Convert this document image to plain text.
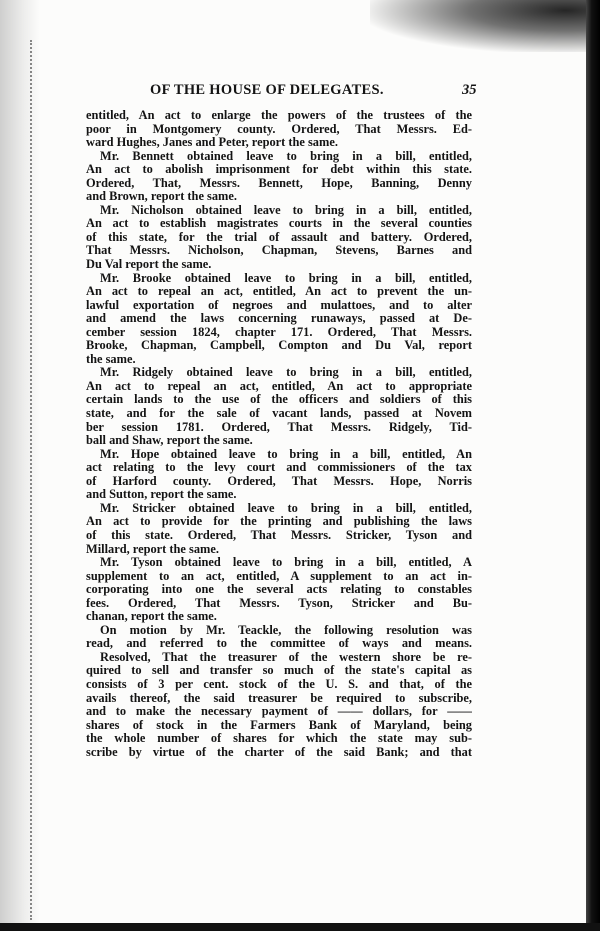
OF THE HOUSE OF DELEGATES.	35
entitled, An act to enlarge the powers of the trustees of the
poor in Montgomery county. Ordered, That Messrs. Ed-
ward Hughes, Janes and Peter, report the same.
Mr. Bennett obtained leave to bring in a bill, entitled,
An act to abolish imprisonment for debt within this state.
Ordered, That, Messrs. Bennett, Hope, Banning, Denny
and Brown, report the same.
Mr. Nicholson obtained leave to bring in a bill, entitled,
An act to establish magistrates courts in the several counties
of this state, for the trial of assault and battery. Ordered,
That Messrs. Nicholson, Chapman, Stevens, Barnes and
Du Val report the same.
Mr. Brooke obtained leave to bring in a bill, entitled,
An act to repeal an act, entitled, An act to prevent the un-
lawful exportation of negroes and mulattoes, and to alter
and amend the laws concerning runaways, passed at De-
cember session 1824, chapter 171. Ordered, That Messrs.
Brooke, Chapman, Campbell, Compton and Du Val, report
the same.
Mr. Ridgely obtained leave to bring in a bill, entitled,
An act to repeal an act, entitled, An act to appropriate
certain lands to the use of the officers and soldiers of this
state, and for the sale of vacant lands, passed at Novem
ber session 1781. Ordered, That Messrs. Ridgely, Tid-
ball and Shaw, report the same.
Mr. Hope obtained leave to bring in a bill, entitled, An
act relating to the levy court and commissioners of the tax
of Harford county. Ordered, That Messrs. Hope, Norris
and Sutton, report the same.
Mr. Stricker obtained leave to bring in a bill, entitled,
An act to provide for the printing and publishing the laws
of this state. Ordered, That Messrs. Stricker, Tyson and
Millard, report the same.
Mr. Tyson obtained leave to bring in a bill, entitled, A
supplement to an act, entitled, A supplement to an act in-
corporating into one the several acts relating to constables
fees. Ordered, That Messrs. Tyson, Stricker and Bu-
chanan, report the same.
On motion by Mr. Teackle, the following resolution was
read, and referred to the committee of ways and means.
Resolved, That the treasurer of the western shore be re-
quired to sell and transfer so much of the state's capital as
consists of 3 per cent. stock of the U. S. and that, of the
avails thereof, the said treasurer be required to subscribe,
and to make the necessary payment of —— dollars, for ——
shares of stock in the Farmers Bank of Maryland, being
the whole number of shares for which the state may sub-
scribe by virtue of the charter of the said Bank; and that
